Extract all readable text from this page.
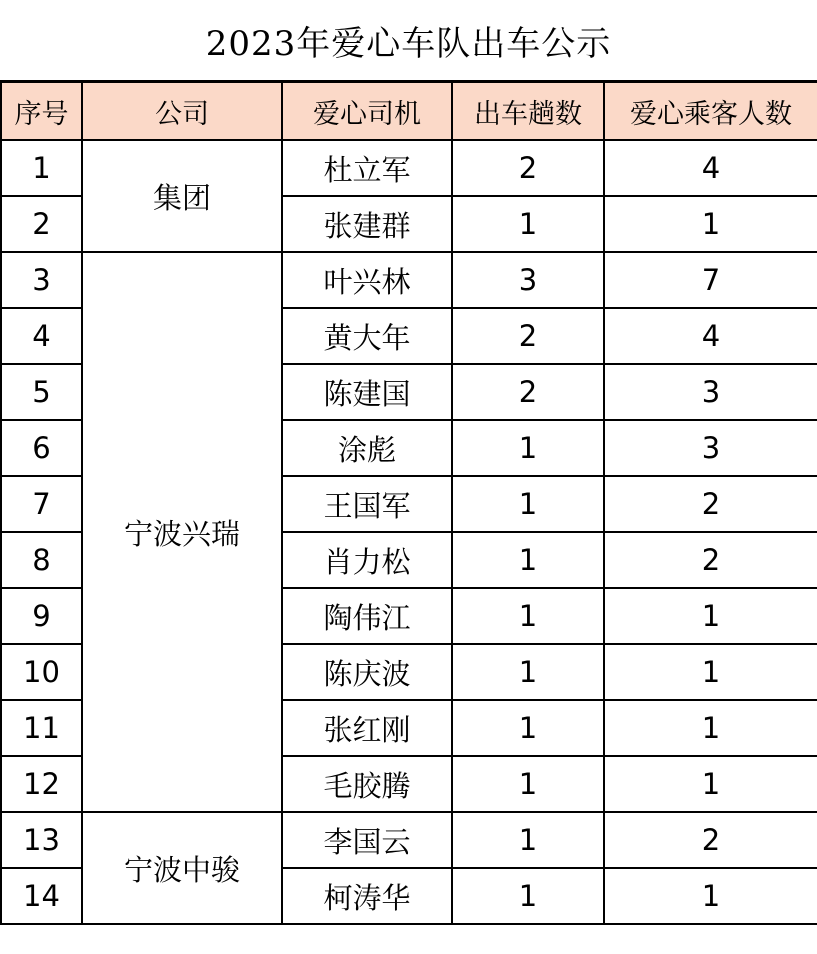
2023年爱心车队出车公示
序号	公司	爱心司机	出车趟数	爱心乘客人数
1	集团	杜立军	2	4
2		张建群	1	1
3	宁波兴瑞	叶兴林	3	7
4		黄大年	2	4
5		陈建国	2	3
6		涂彪	1	3
7		王国军	1	2
8		肖力松	1	2
9		陶伟江	1	1
10		陈庆波	1	1
11		张红刚	1	1
12		毛胶腾	1	1
13	宁波中骏	李国云	1	2
14		柯涛华	1	1
